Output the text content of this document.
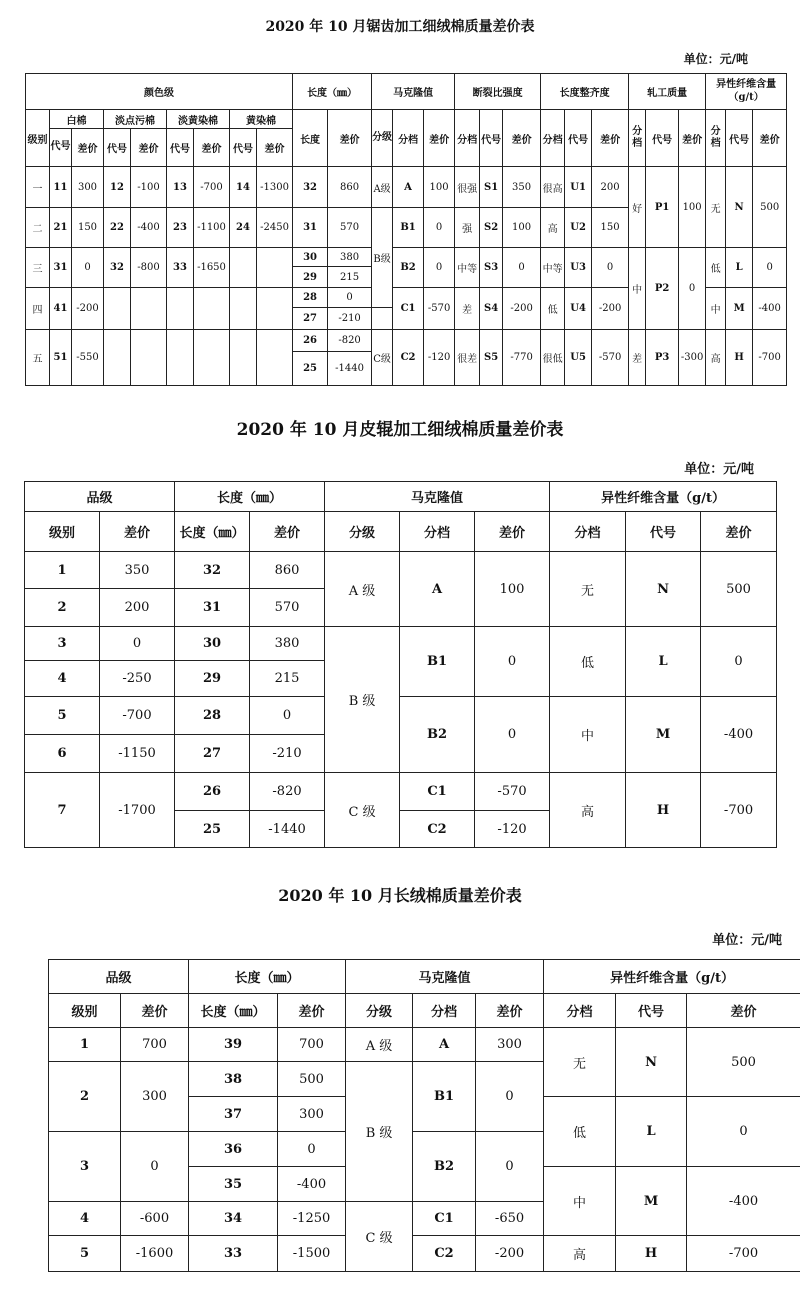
2020 年 10 月锯齿加工细绒棉质量差价表
单位：元/吨
颜色级									长度（㎜）		马克隆值			断裂比强度			长度整齐度			轧工质量			异性纤维含量（g/t）		
级别	白棉		淡点污棉		淡黄染棉		黄染棉		长度	差价	分级	分档	差价	分档	代号	差价	分档	代号	差价	分档	代号	差价	分档	代号	差价
	代号	差价	代号	差价	代号	差价	代号	差价																	
一	11	300	12	-100	13	-700	14	-1300	32	860	A级	A	100	很强	S1	350	很高	U1	200	好	P1	100	无	N	500
二	21	150	22	-400	23	-1100	24	-2450	31	570	B级	B1	0	强	S2	100	高	U2	150						
三	31	0	32	-800	33	-1650			30	380		B2	0	中等	S3	0	中等	U3	0	中	P2	0	低	L	0
									29	215															
四	41	-200							28	0		C1	-570	差	S4	-200	低	U4	-200				中	M	-400
									27	-210															
五	51	-550							26	-820	C级	C2	-120	很差	S5	-770	很低	U5	-570	差	P3	-300	高	H	-700
									25	-1440															
2020 年 10 月皮辊加工细绒棉质量差价表
单位：元/吨
品级		长度（㎜）		马克隆值			异性纤维含量（g/t）		
级别	差价	长度（㎜）	差价	分级	分档	差价	分档	代号	差价
1	350	32	860	A 级	A	100	无	N	500
2	200	31	570						
3	0	30	380	B 级	B1	0	低	L	0
4	-250	29	215						
5	-700	28	0		B2	0	中	M	-400
6	-1150	27	-210						
7	-1700	26	-820	C 级	C1	-570	高	H	-700
		25	-1440		C2	-120			
2020 年 10 月长绒棉质量差价表
单位：元/吨
品级		长度（㎜）		马克隆值			异性纤维含量（g/t）		
级别	差价	长度（㎜）	差价	分级	分档	差价	分档	代号	差价
1	700	39	700	A 级	A	300	无	N	500
2	300	38	500	B 级	B1	0			
		37	300				低	L	0
3	0	36	0		B2	0			
		35	-400				中	M	-400
4	-600	34	-1250	C 级	C1	-650			
5	-1600	33	-1500		C2	-200	高	H	-700
